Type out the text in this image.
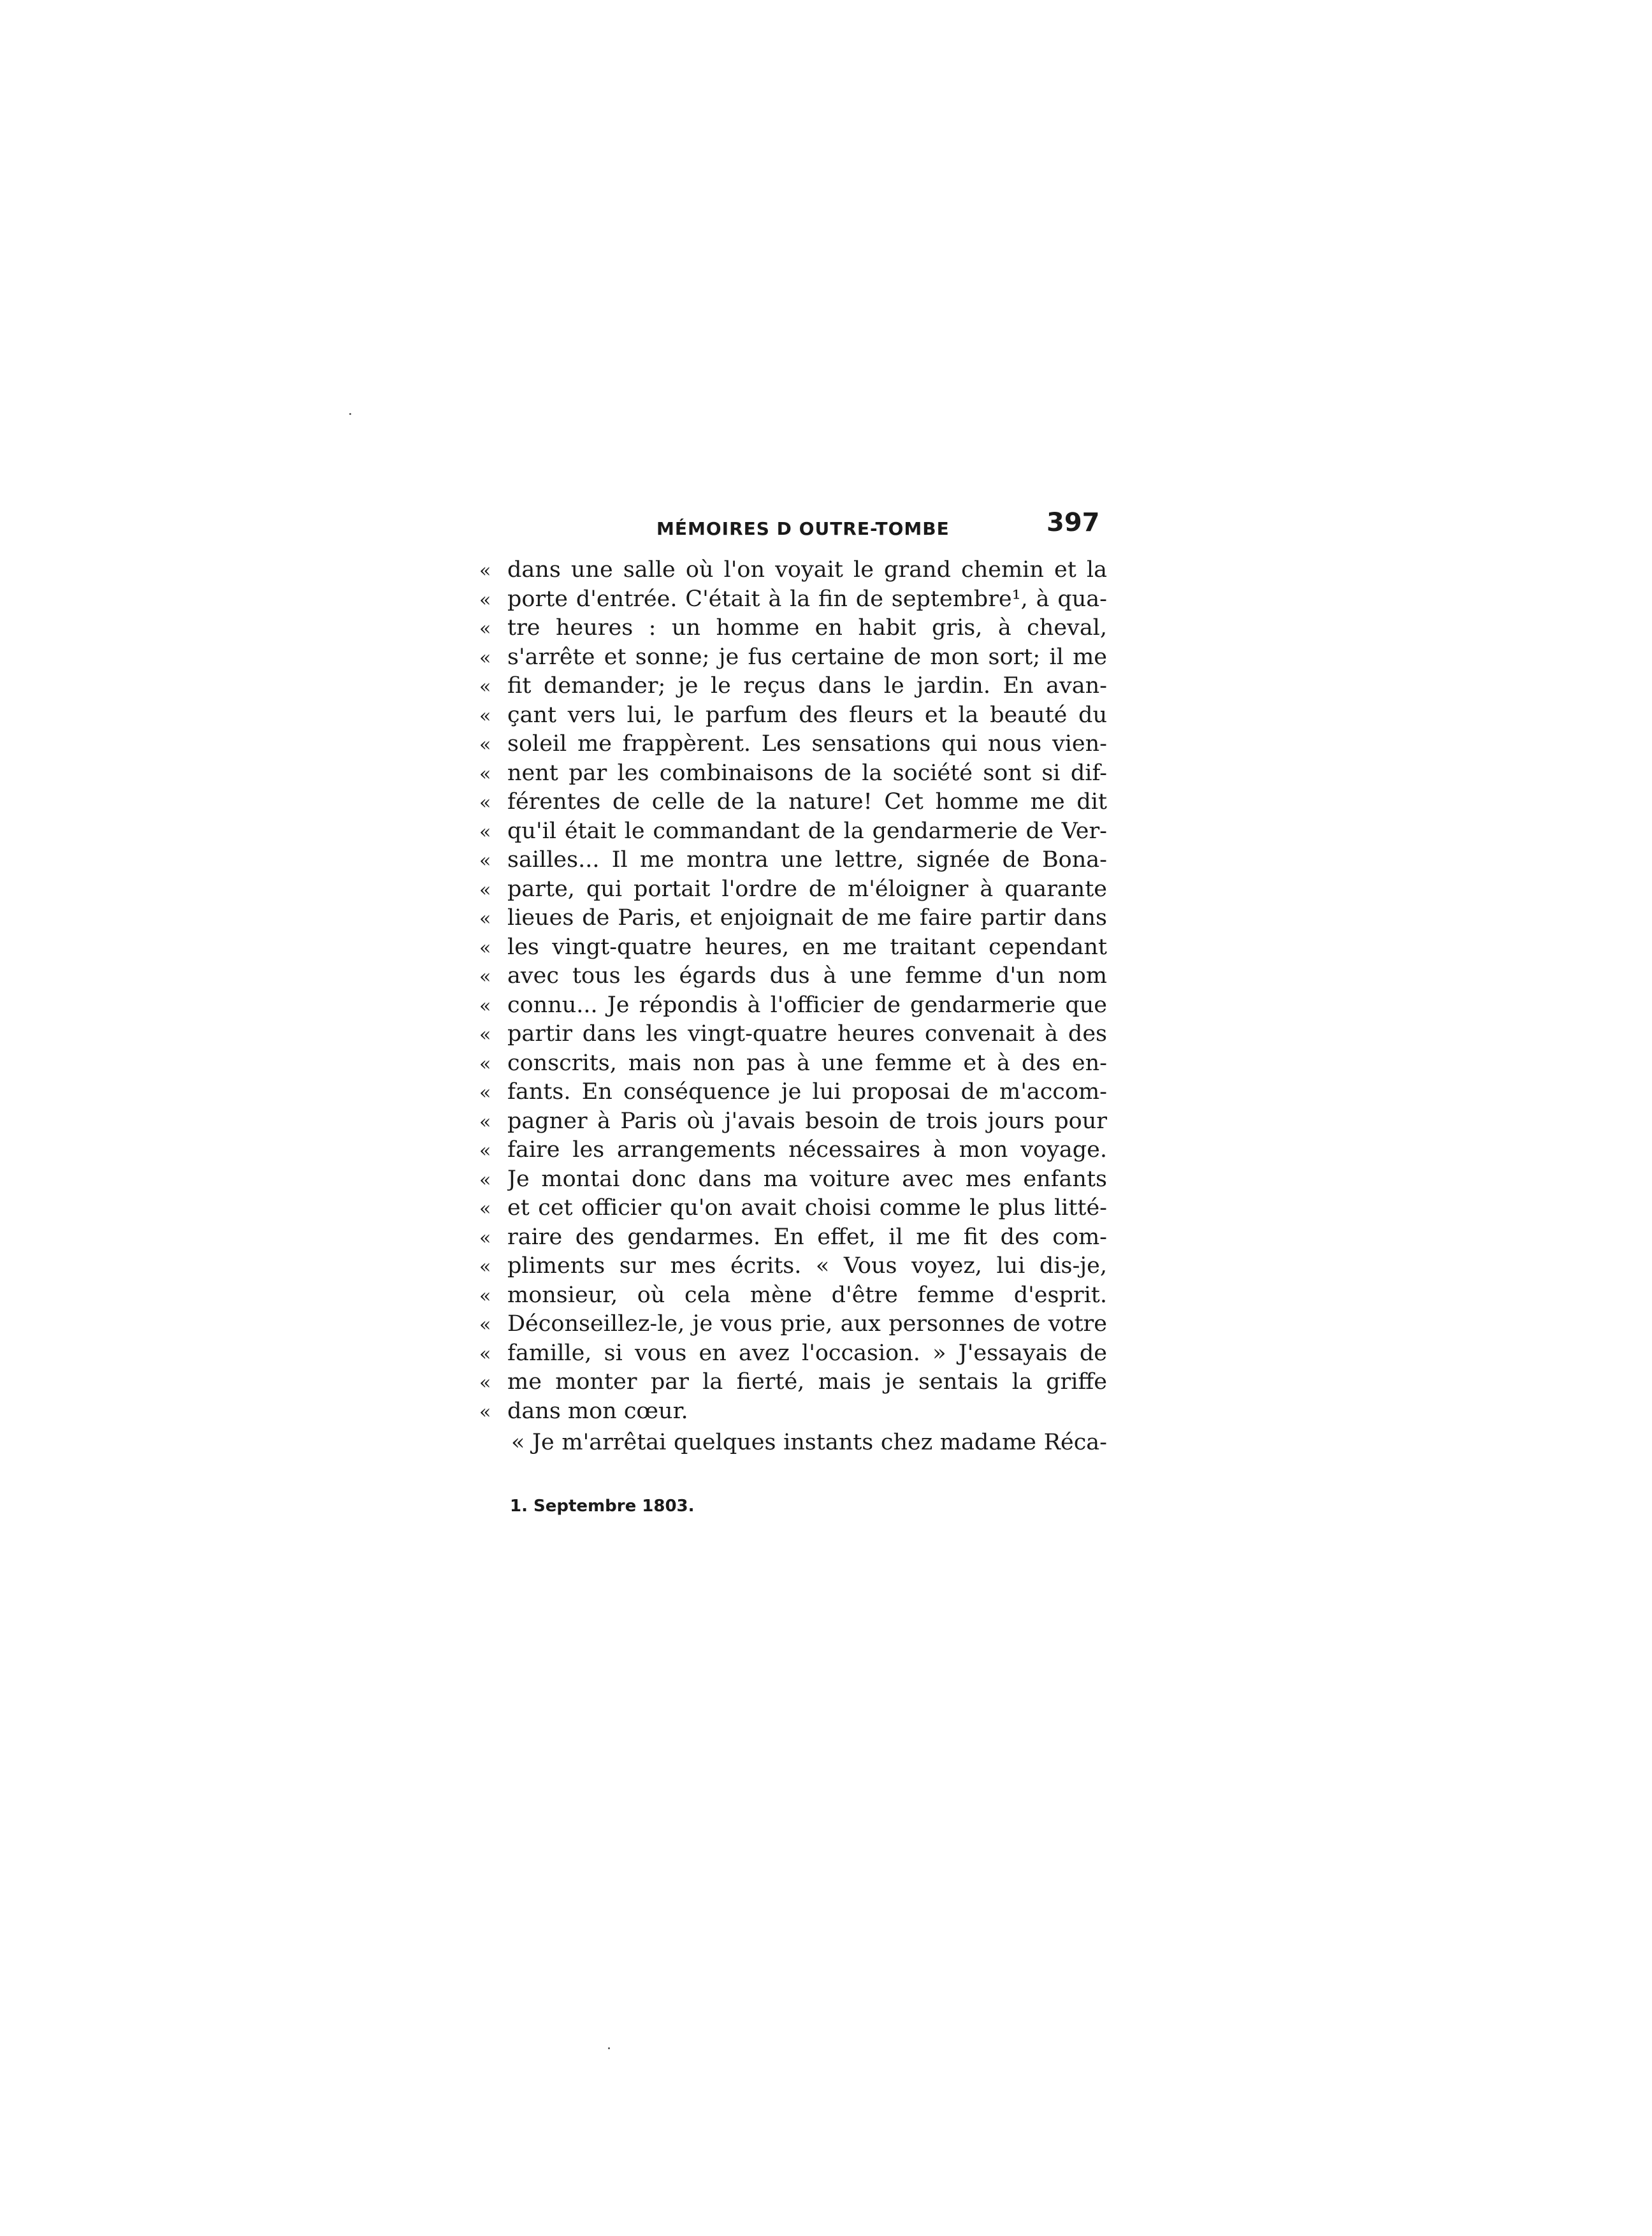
MÉMOIRES D OUTRE-TOMBE	397
« dans une salle où l'on voyait le grand chemin et la
« porte d'entrée. C'était à la fin de septembre¹, à qua-
« tre heures : un homme en habit gris, à cheval,
« s'arrête et sonne; je fus certaine de mon sort; il me
« fit demander; je le reçus dans le jardin. En avan-
« çant vers lui, le parfum des fleurs et la beauté du
« soleil me frappèrent. Les sensations qui nous vien-
« nent par les combinaisons de la société sont si dif-
« férentes de celle de la nature! Cet homme me dit
« qu'il était le commandant de la gendarmerie de Ver-
« sailles... Il me montra une lettre, signée de Bona-
« parte, qui portait l'ordre de m'éloigner à quarante
« lieues de Paris, et enjoignait de me faire partir dans
« les vingt-quatre heures, en me traitant cependant
« avec tous les égards dus à une femme d'un nom
« connu... Je répondis à l'officier de gendarmerie que
« partir dans les vingt-quatre heures convenait à des
« conscrits, mais non pas à une femme et à des en-
« fants. En conséquence je lui proposai de m'accom-
« pagner à Paris où j'avais besoin de trois jours pour
« faire les arrangements nécessaires à mon voyage.
« Je montai donc dans ma voiture avec mes enfants
« et cet officier qu'on avait choisi comme le plus litté-
« raire des gendarmes. En effet, il me fit des com-
« pliments sur mes écrits. « Vous voyez, lui dis-je,
« monsieur, où cela mène d'être femme d'esprit.
« Déconseillez-le, je vous prie, aux personnes de votre
« famille, si vous en avez l'occasion. » J'essayais de
« me monter par la fierté, mais je sentais la griffe
« dans mon cœur.
« Je m'arrêtai quelques instants chez madame Réca-
1. Septembre 1803.
